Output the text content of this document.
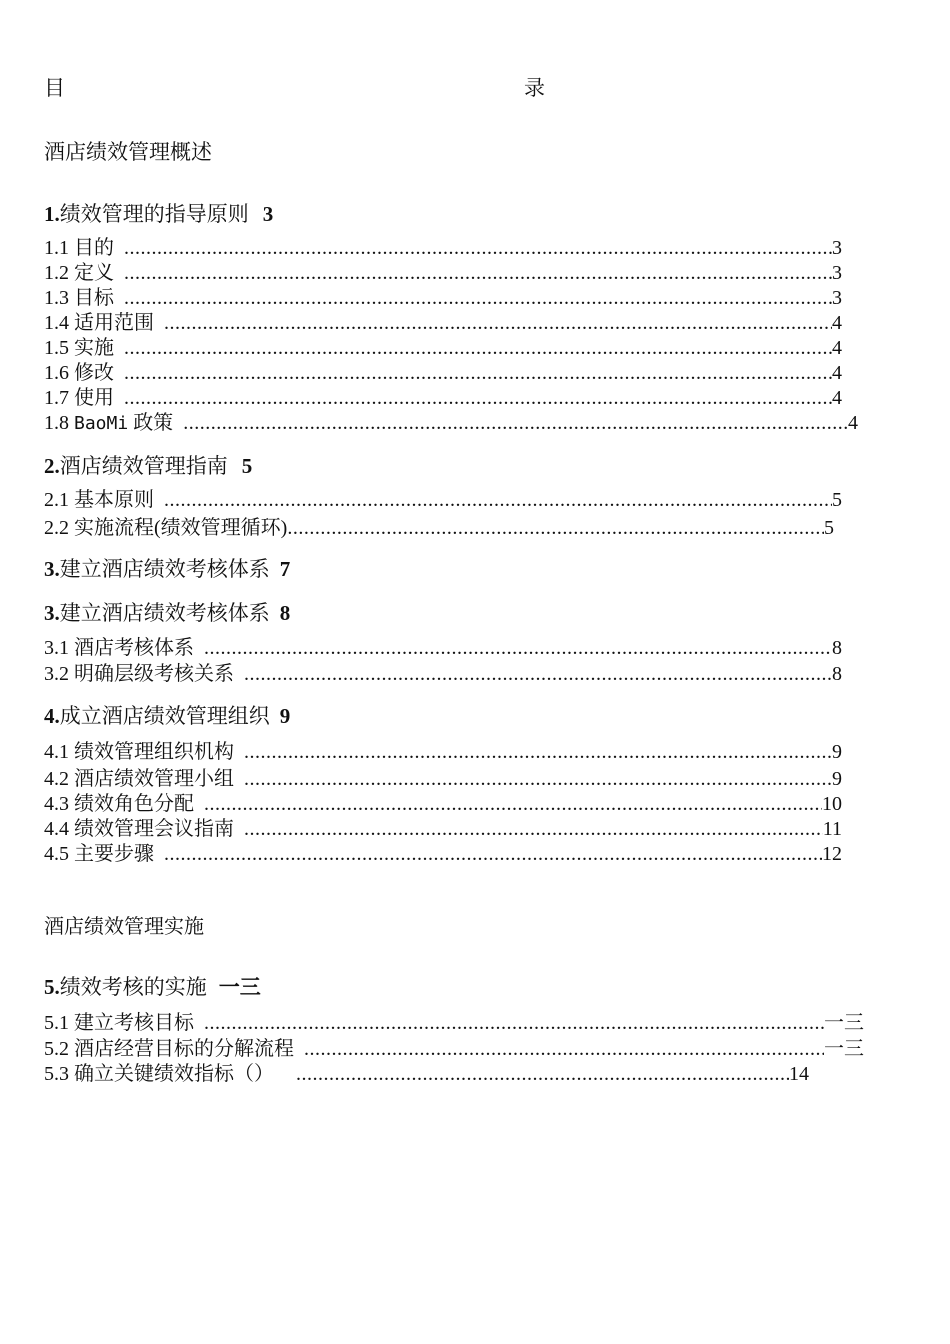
目	录
酒店绩效管理概述
1.绩效管理的指导原则 3
1.1 目的 .....	3
1.2 定义 .....	3
1.3 目标 .....	3
1.4 适用范围 .....	4
1.5 实施 .....	4
1.6 修改 .....	4
1.7 使用 .....	4
1.8 BaoMi 政策 .....	4
2.酒店绩效管理指南 5
2.1 基本原则 .....	5
2.2 实施流程(绩效管理循环) .....	5
3.建立酒店绩效考核体系 7
3.建立酒店绩效考核体系 8
3.1 酒店考核体系 .....	8
3.2 明确层级考核关系 .....	8
4.成立酒店绩效管理组织 9
4.1 绩效管理组织机构 .....	9
4.2 酒店绩效管理小组 .....	9
4.3 绩效角色分配 .....	10
4.4 绩效管理会议指南 .....	11
4.5 主要步骤 .....	12
酒店绩效管理实施
5.绩效考核的实施 一三
5.1 建立考核目标 .....	一三
5.2 酒店经营目标的分解流程 .....	一三
5.3 确立关键绩效指标（） .....	14
